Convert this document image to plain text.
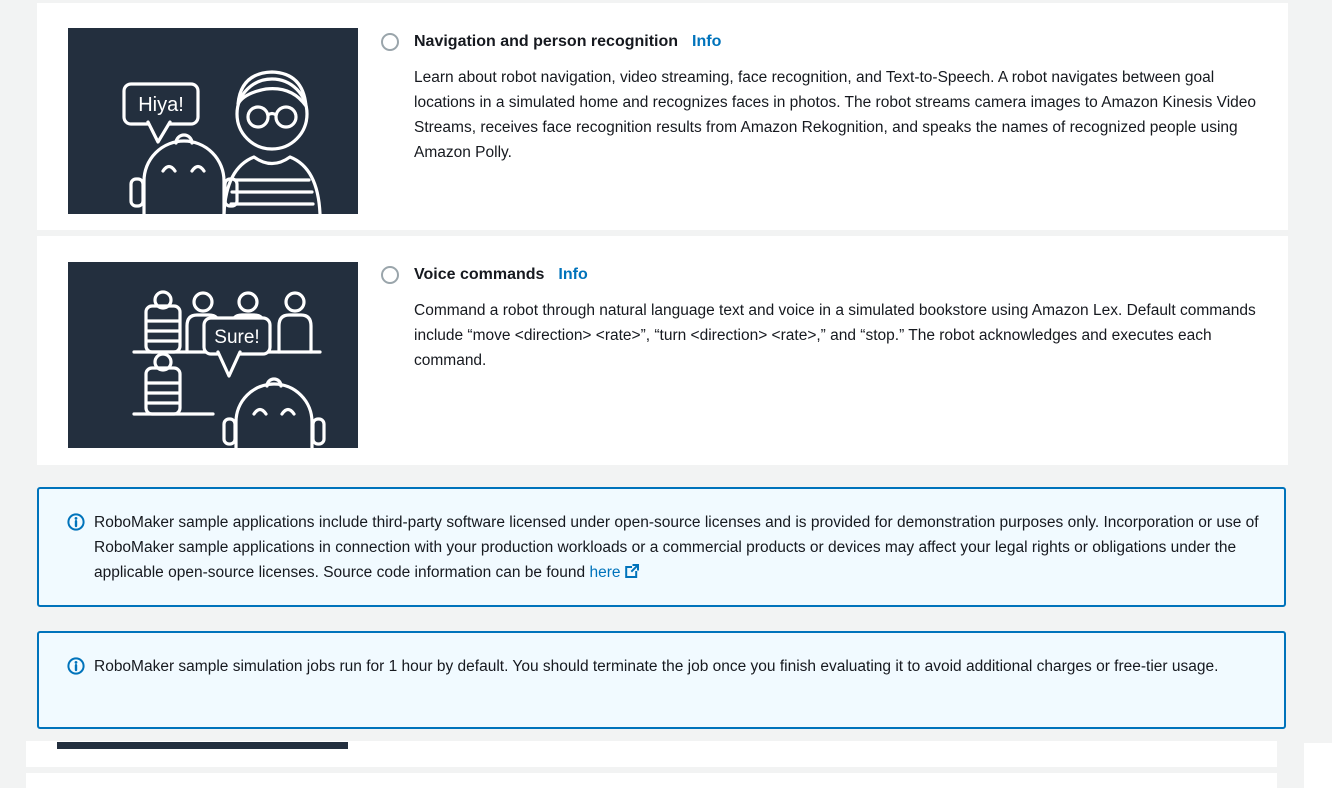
Hiya!
Navigation and person recognition Info

Learn about robot navigation, video streaming, face recognition, and Text-to-Speech. A robot navigates between goal locations in a simulated home and recognizes faces in photos. The robot streams camera images to Amazon Kinesis Video Streams, receives face recognition results from Amazon Rekognition, and speaks the names of recognized people using Amazon Polly.

Sure!
Voice commands Info

Command a robot through natural language text and voice in a simulated bookstore using Amazon Lex. Default commands include “move <direction> <rate>”, “turn <direction> <rate>,” and “stop.” The robot acknowledges and executes each command.

RoboMaker sample applications include third-party software licensed under open-source licenses and is provided for demonstration purposes only. Incorporation or use of RoboMaker sample applications in connection with your production workloads or a commercial products or devices may affect your legal rights or obligations under the applicable open-source licenses. Source code information can be found here

RoboMaker sample simulation jobs run for 1 hour by default. You should terminate the job once you finish evaluating it to avoid additional charges or free-tier usage.
